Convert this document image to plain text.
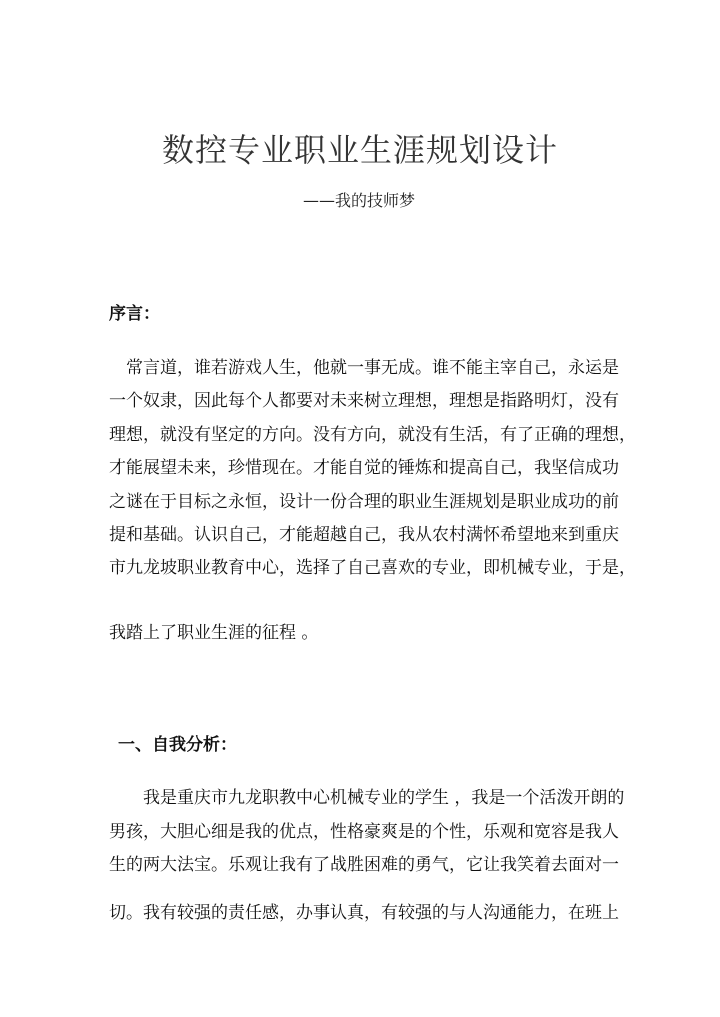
数控专业职业生涯规划设计
——我的技师梦
序言：
常言道，谁若游戏人生，他就一事无成。谁不能主宰自己，永运是
一个奴隶，因此每个人都要对未来树立理想，理想是指路明灯，没有
理想，就没有坚定的方向。没有方向，就没有生活，有了正确的理想，
才能展望未来，珍惜现在。才能自觉的锤炼和提高自己，我坚信成功
之谜在于目标之永恒，设计一份合理的职业生涯规划是职业成功的前
提和基础。认识自己，才能超越自己，我从农村满怀希望地来到重庆
市九龙坡职业教育中心，选择了自己喜欢的专业，即机械专业，于是，
我踏上了职业生涯的征程 。
一、自我分析：
我是重庆市九龙职教中心机械专业的学生 ，我是一个活泼开朗的
男孩，大胆心细是我的优点，性格豪爽是的个性，乐观和宽容是我人
生的两大法宝。乐观让我有了战胜困难的勇气，它让我笑着去面对一
切。我有较强的责任感，办事认真，有较强的与人沟通能力，在班上
